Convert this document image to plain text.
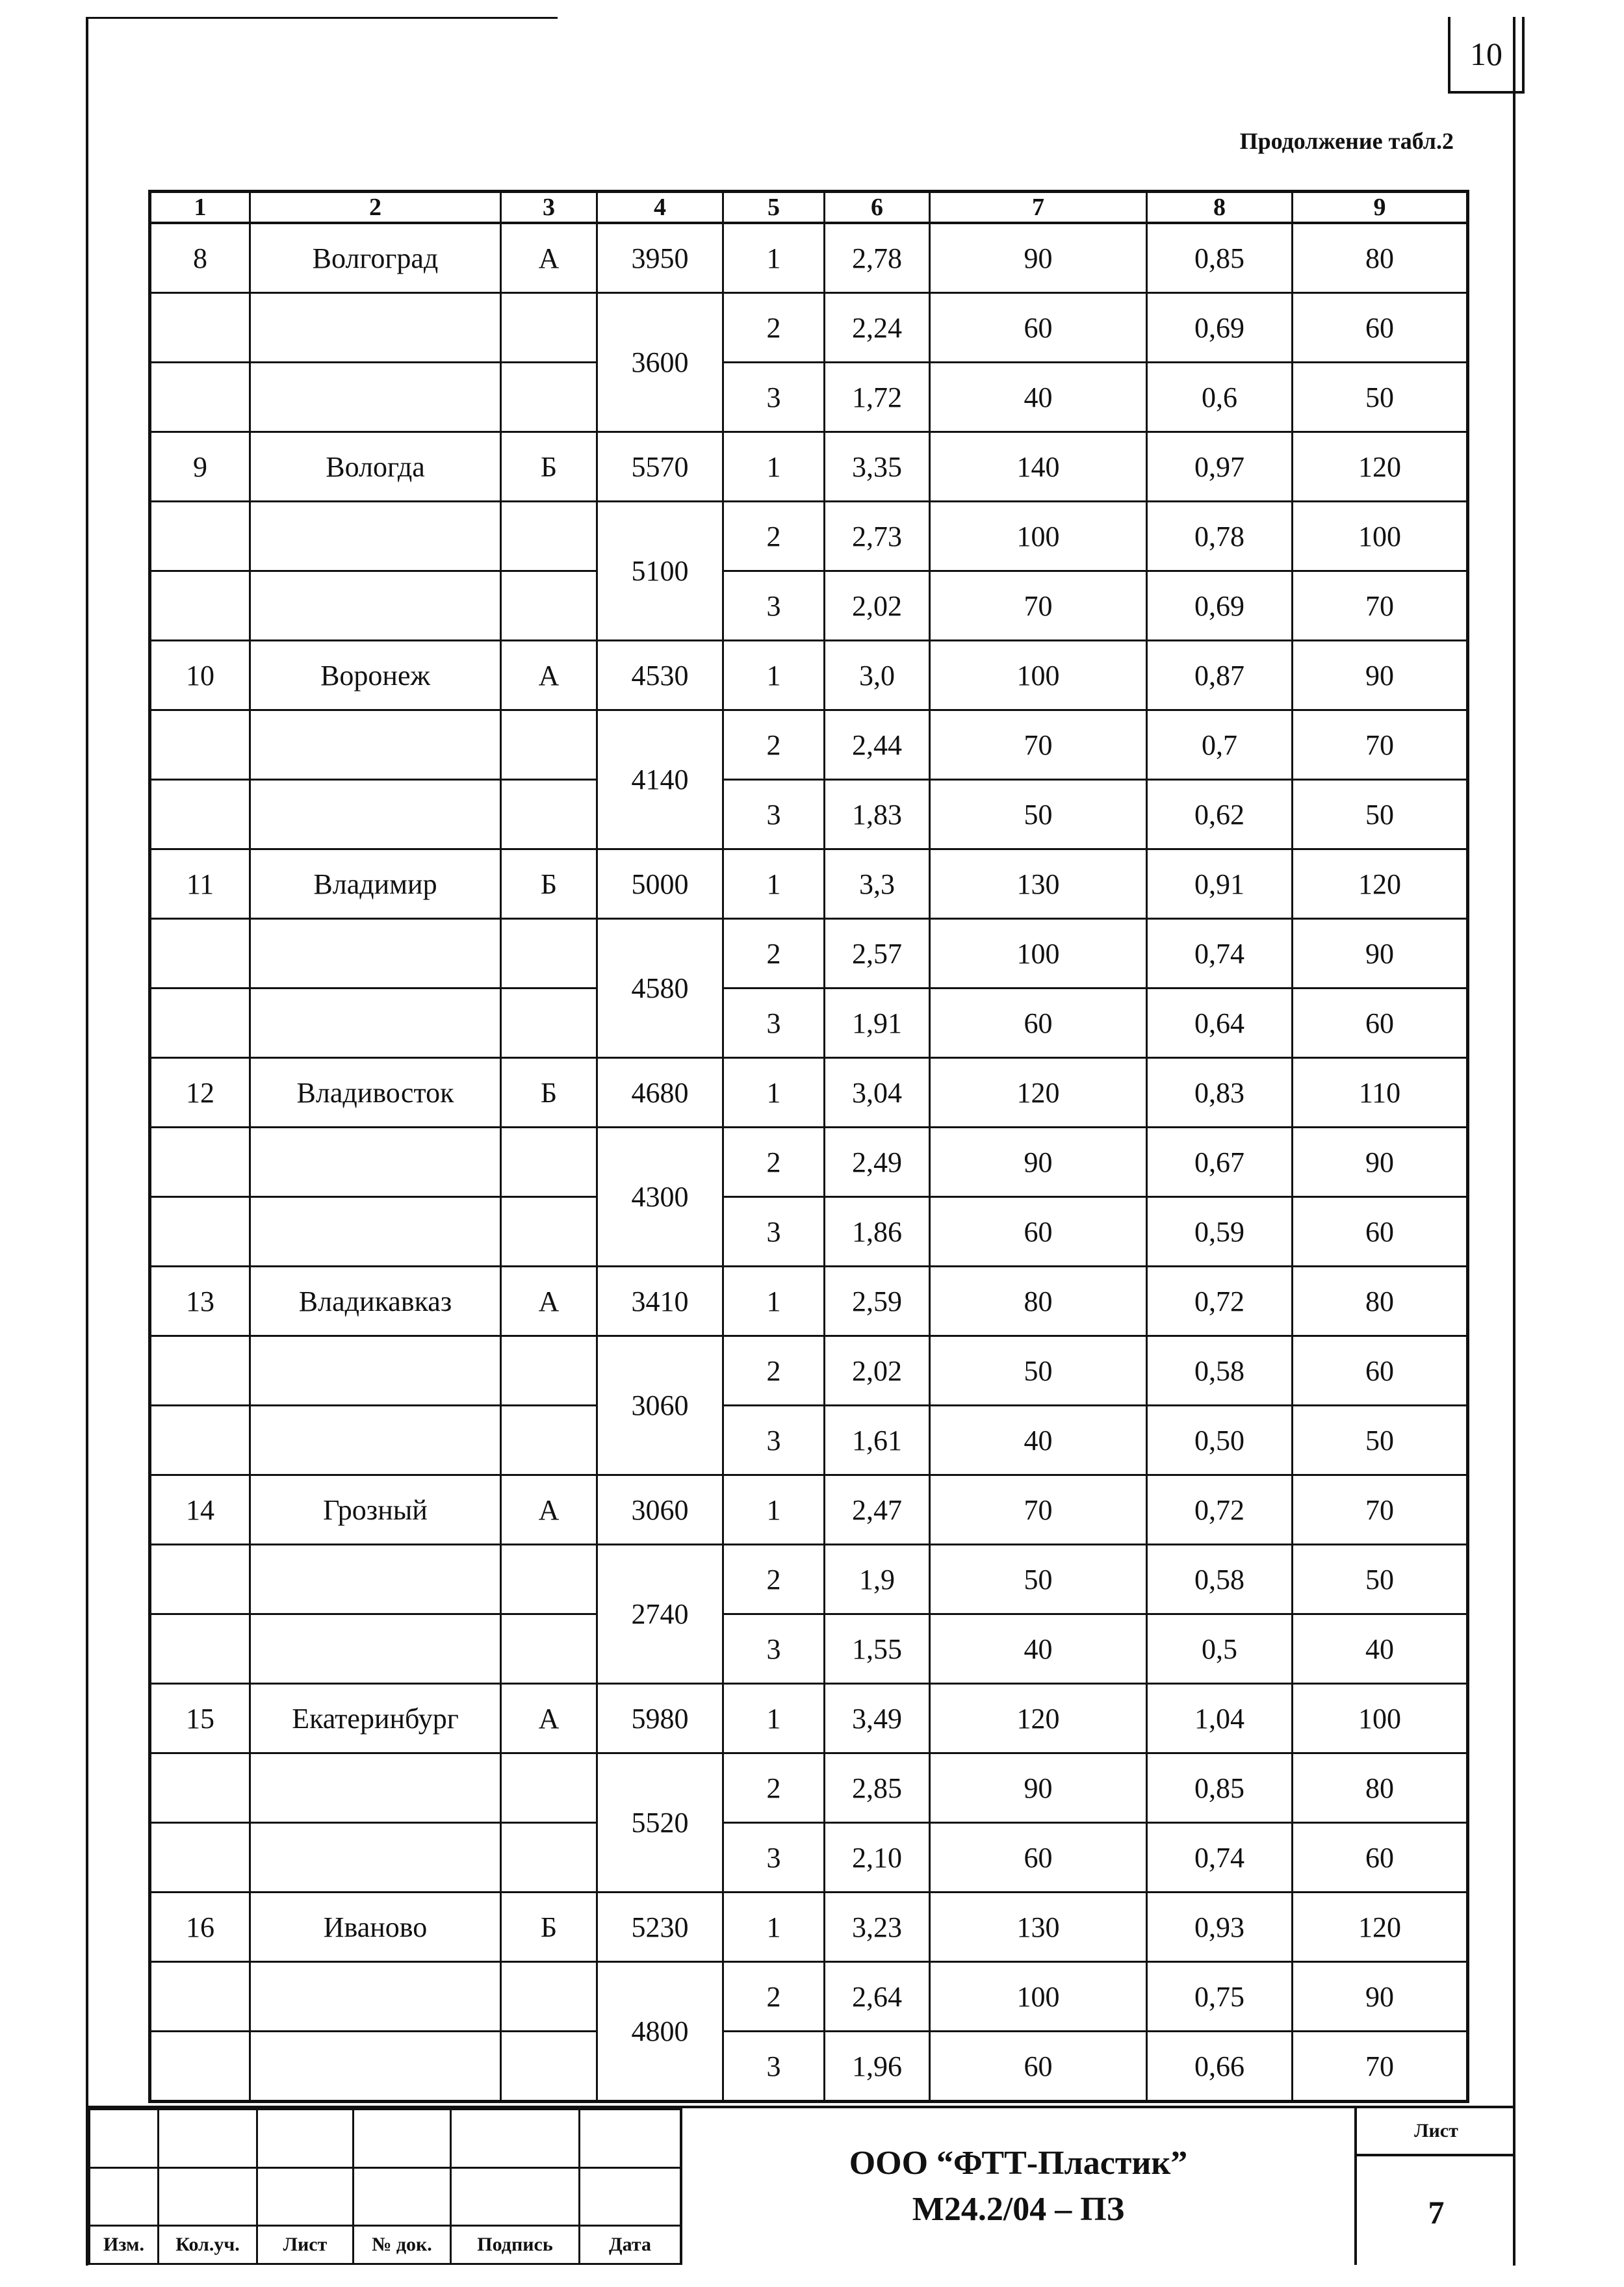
10
Продолжение табл.2
1	2	3	4	5	6	7	8	9
8	Волгоград	А	3950	1	2,78	90	0,85	80
			3600	2	2,24	60	0,69	60
				3	1,72	40	0,6	50
9	Вологда	Б	5570	1	3,35	140	0,97	120
			5100	2	2,73	100	0,78	100
				3	2,02	70	0,69	70
10	Воронеж	А	4530	1	3,0	100	0,87	90
			4140	2	2,44	70	0,7	70
				3	1,83	50	0,62	50
11	Владимир	Б	5000	1	3,3	130	0,91	120
			4580	2	2,57	100	0,74	90
				3	1,91	60	0,64	60
12	Владивосток	Б	4680	1	3,04	120	0,83	110
			4300	2	2,49	90	0,67	90
				3	1,86	60	0,59	60
13	Владикавказ	А	3410	1	2,59	80	0,72	80
			3060	2	2,02	50	0,58	60
				3	1,61	40	0,50	50
14	Грозный	А	3060	1	2,47	70	0,72	70
			2740	2	1,9	50	0,58	50
				3	1,55	40	0,5	40
15	Екатеринбург	А	5980	1	3,49	120	1,04	100
			5520	2	2,85	90	0,85	80
				3	2,10	60	0,74	60
16	Иваново	Б	5230	1	3,23	130	0,93	120
			4800	2	2,64	100	0,75	90
				3	1,96	60	0,66	70

Изм.	Кол.уч.	Лист	№ док.	Подпись	Дата
ООО “ФТТ-Пластик”
М24.2/04 – ПЗ
Лист
7
